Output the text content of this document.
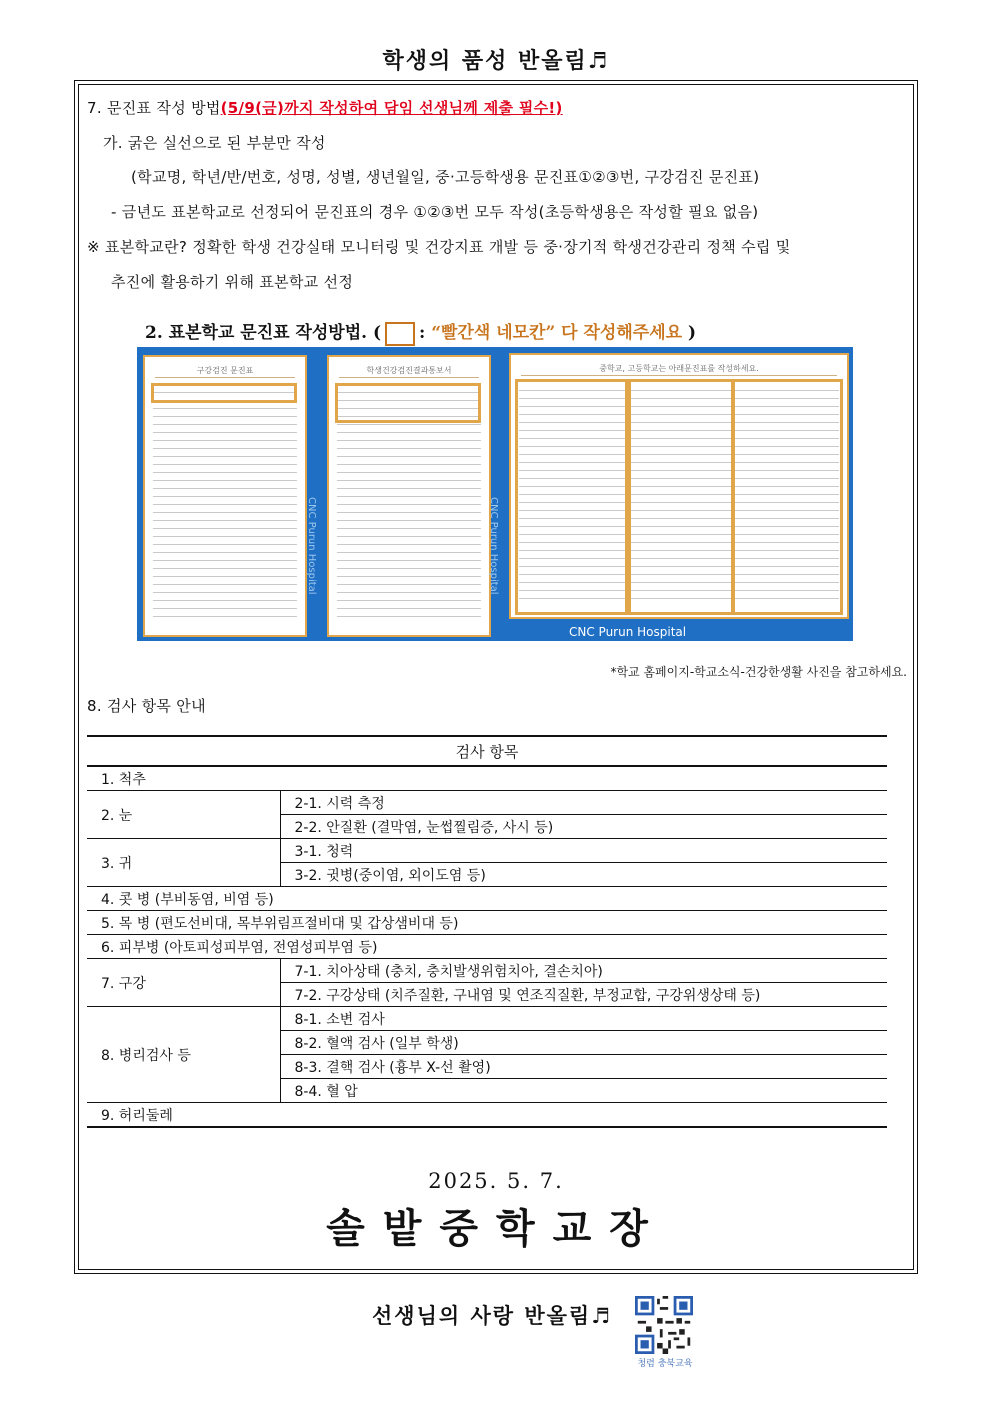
학생의 품성 반올림♬
7. 문진표 작성 방법(5/9(금)까지 작성하여 담임 선생님께 제출 필수!)
가. 굵은 실선으로 된 부분만 작성
(학교명, 학년/반/번호, 성명, 성별, 생년월일, 중·고등학생용 문진표①②③번, 구강검진 문진표)
- 금년도 표본학교로 선정되어 문진표의 경우 ①②③번 모두 작성(초등학생용은 작성할 필요 없음)
※ 표본학교란? 정확한 학생 건강실태 모니터링 및 건강지표 개발 등 중·장기적 학생건강관리 정책 수립 및
추진에 활용하기 위해 표본학교 선정
2. 표본학교 문진표 작성방법. ( : “빨간색 네모칸” 다 작성해주세요 )
구강검진 문진표
CNC Purun Hospital
학생건강검진결과통보서
CNC Purun Hospital
중학교, 고등학교는 아래문진표를 작성하세요.
CNC Purun Hospital
*학교 홈페이지-학교소식-건강한생활 사진을 참고하세요.
8. 검사 항목 안내
검사 항목	
1. 척추	
2. 눈	2-1. 시력 측정
	2-2. 안질환 (결막염, 눈썹찔림증, 사시 등)
3. 귀	3-1. 청력
	3-2. 귓병(중이염, 외이도염 등)
4. 콧 병 (부비동염, 비염 등)	
5. 목 병 (편도선비대, 목부위림프절비대 및 갑상샘비대 등)	
6. 피부병 (아토피성피부염, 전염성피부염 등)	
7. 구강	7-1. 치아상태 (충치, 충치발생위험치아, 결손치아)
	7-2. 구강상태 (치주질환, 구내염 및 연조직질환, 부정교합, 구강위생상태 등)
8. 병리검사 등	8-1. 소변 검사
	8-2. 혈액 검사 (일부 학생)
	8-3. 결핵 검사 (흉부 X-선 촬영)
	8-4. 혈 압
9. 허리둘레	
2025. 5. 7.
솔밭중학교장
선생님의 사랑 반올림♬
청렴 충북교육
